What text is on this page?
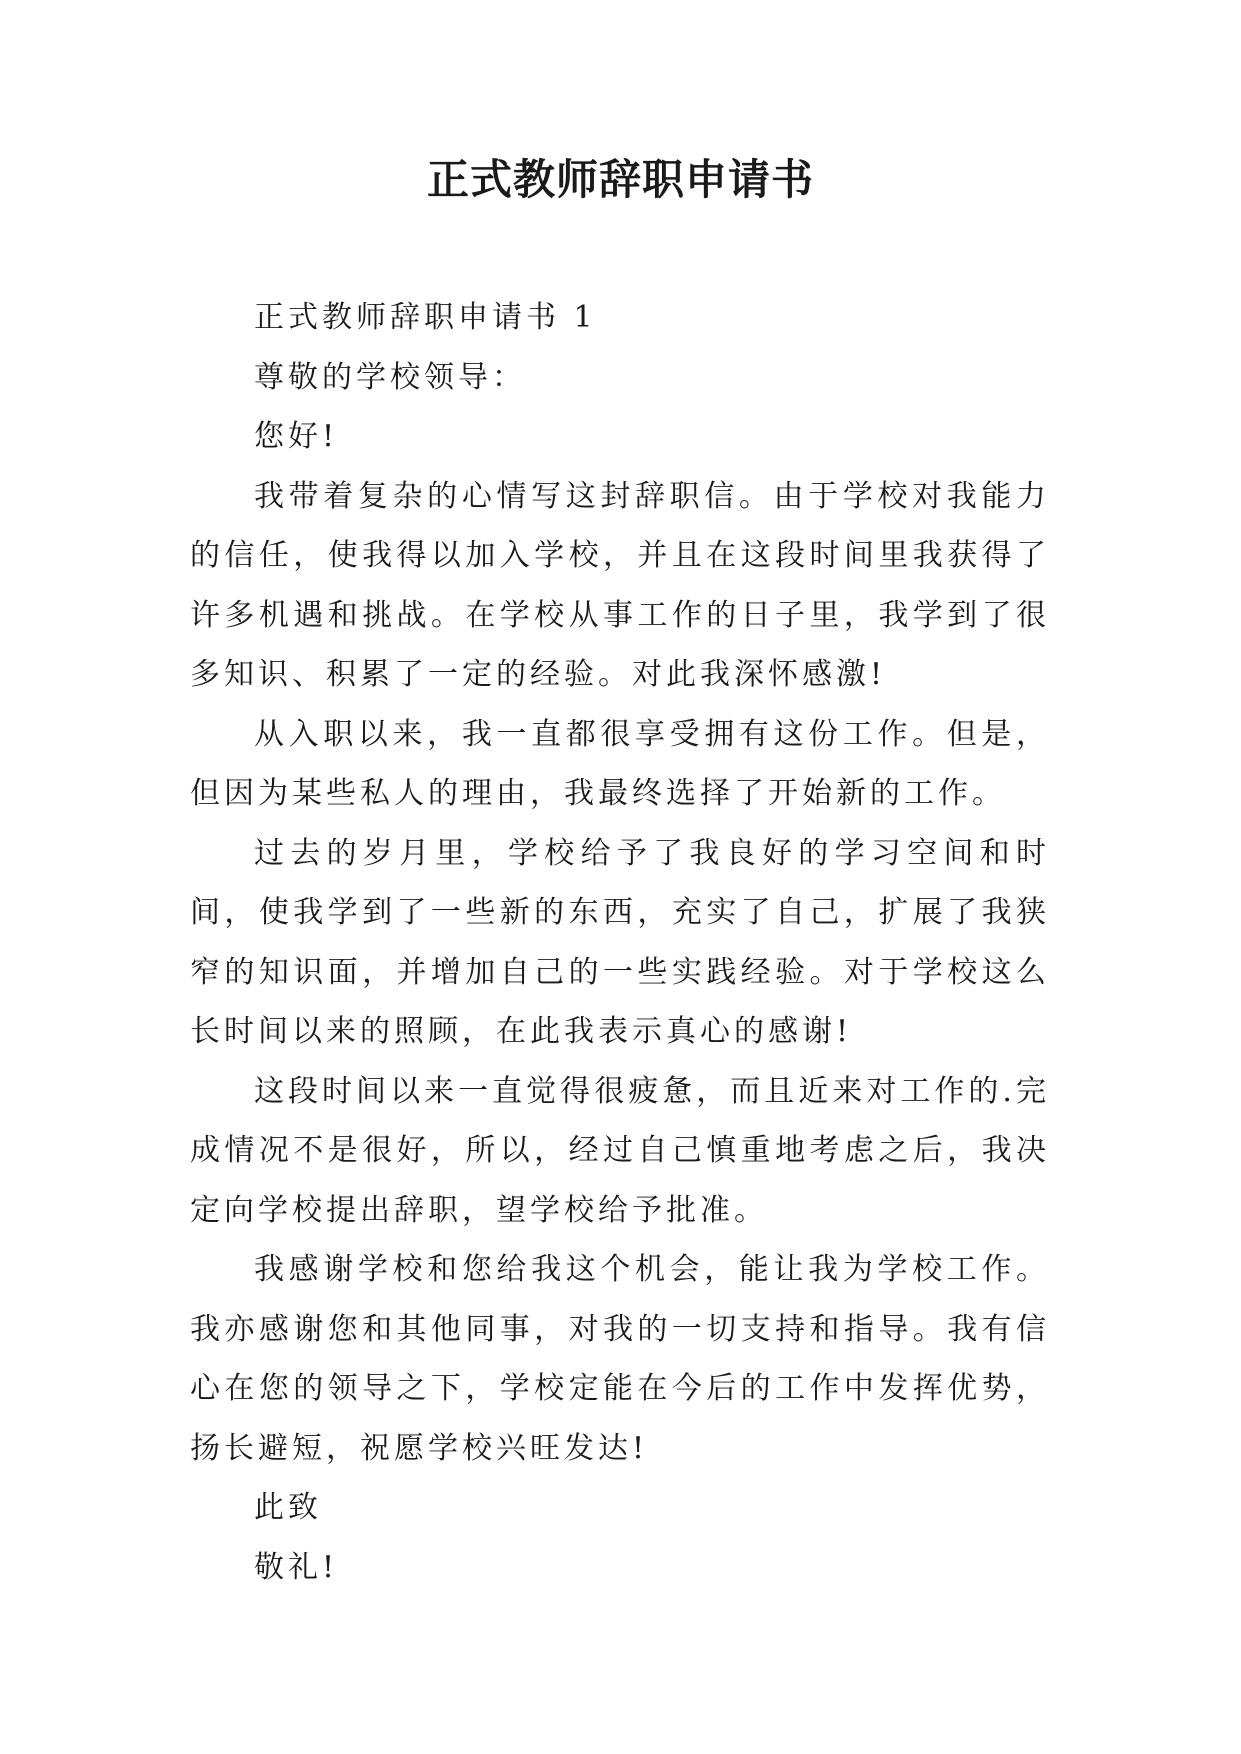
正式教师辞职申请书

正式教师辞职申请书 1

尊敬的学校领导：

您好!

我带着复杂的心情写这封辞职信。由于学校对我能力的信任，使我得以加入学校，并且在这段时间里我获得了许多机遇和挑战。在学校从事工作的日子里，我学到了很多知识、积累了一定的经验。对此我深怀感激!

从入职以来，我一直都很享受拥有这份工作。但是，但因为某些私人的理由，我最终选择了开始新的工作。

过去的岁月里，学校给予了我良好的学习空间和时间，使我学到了一些新的东西，充实了自己，扩展了我狭窄的知识面，并增加自己的一些实践经验。对于学校这么长时间以来的照顾，在此我表示真心的感谢!

这段时间以来一直觉得很疲惫，而且近来对工作的.完成情况不是很好，所以，经过自己慎重地考虑之后，我决定向学校提出辞职，望学校给予批准。

我感谢学校和您给我这个机会，能让我为学校工作。我亦感谢您和其他同事，对我的一切支持和指导。我有信心在您的领导之下，学校定能在今后的工作中发挥优势，扬长避短，祝愿学校兴旺发达!

此致

敬礼!
